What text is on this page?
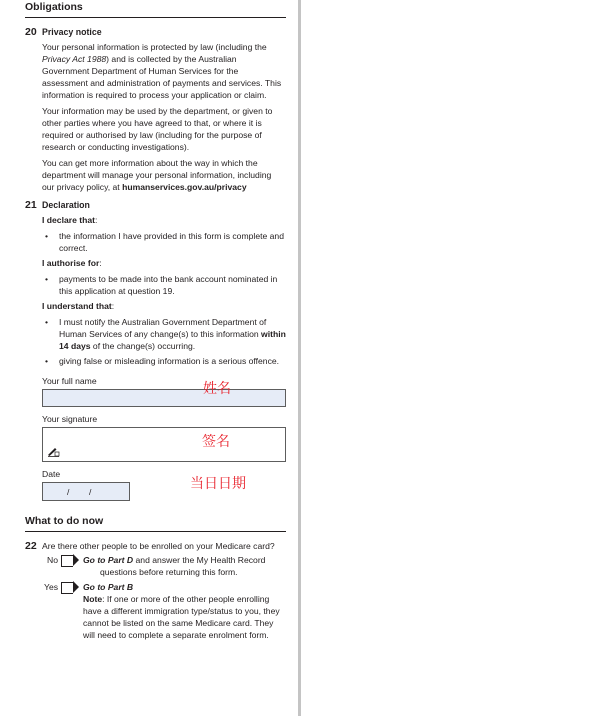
Obligations
20 Privacy notice

Your personal information is protected by law (including the Privacy Act 1988) and is collected by the Australian Government Department of Human Services for the assessment and administration of payments and services. This information is required to process your application or claim.

Your information may be used by the department, or given to other parties where you have agreed to that, or where it is required or authorised by law (including for the purpose of research or conducting investigations).

You can get more information about the way in which the department will manage your personal information, including our privacy policy, at humanservices.gov.au/privacy

21 Declaration
I declare that:

• the information I have provided in this form is complete and correct.

I authorise for:

• payments to be made into the bank account nominated in this application at question 19.

I understand that:

• I must notify the Australian Government Department of Human Services of any change(s) to this information within 14 days of the change(s) occurring.

• giving false or misleading information is a serious offence.

Your full name
Your signature
Date
/ /
What to do now
22 Are there other people to be enrolled on your Medicare card?
No	Go to Part D and answer the My Health Record questions before returning this form.
Yes	Go to Part B
Note: If one or more of the other people enrolling have a different immigration type/status to you, they cannot be listed on the same Medicare card. They will need to complete a separate enrolment form.
姓名
签名
当日日期
